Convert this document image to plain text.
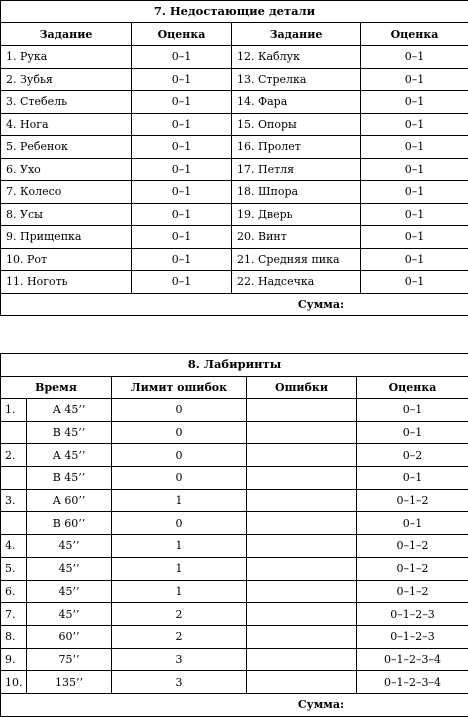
7. Недостающие детали			
Задание	Оценка	Задание	Оценка
1. Рука	0–1	12. Каблук	0–1
2. Зубья	0–1	13. Стрелка	0–1
3. Стебель	0–1	14. Фара	0–1
4. Нога	0–1	15. Опоры	0–1
5. Ребенок	0–1	16. Пролет	0–1
6. Ухо	0–1	17. Петля	0–1
7. Колесо	0–1	18. Шпора	0–1
8. Усы	0–1	19. Дверь	0–1
9. Прищепка	0–1	20. Винт	0–1
10. Рот	0–1	21. Средняя пика	0–1
11. Ноготь	0–1	22. Надсечка	0–1
Сумма:			
8. Лабиринты				
Время		Лимит ошибок	Ошибки	Оценка
1.	А 45’’	0		0–1
	В 45’’	0		0–1
2.	А 45’’	0		0–2
	В 45’’	0		0–1
3.	А 60’’	1		0–1–2
	В 60’’	0		0–1
4.	45’’	1		0–1–2
5.	45’’	1		0–1–2
6.	45’’	1		0–1–2
7.	45’’	2		0–1–2–3
8.	60’’	2		0–1–2–3
9.	75’’	3		0–1–2–3–4
10.	135’’	3		0–1–2–3–4
Сумма:				
